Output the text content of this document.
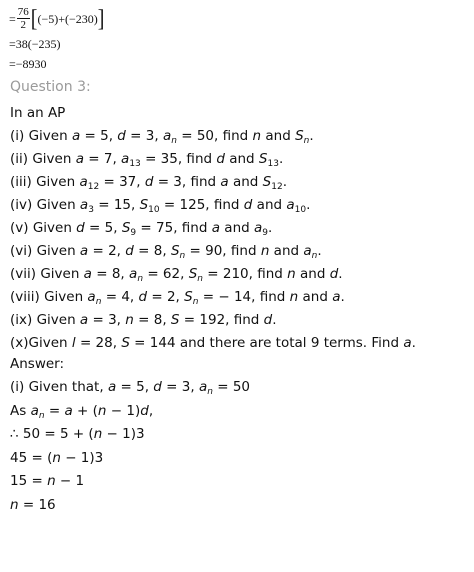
= $\frac{76}{2}$ [ (−5)+(−230) ]
=38(−235)
=−8930
Question 3:
In an AP
(i) Given a = 5, d = 3, $a_n = 50$, find n and $S_n$.
(ii) Given a = 7, $a_{13} = 35$, find d and $S_{13}$.
(iii) Given $a_{12} = 37$, d = 3, find a and $S_{12}$.
(iv) Given $a_3 = 15$, $S_{10} = 125$, find d and $a_{10}$.
(v) Given d = 5, $S_9 = 75$, find a and $a_9$.
(vi) Given a = 2, d = 8, $S_n = 90$, find n and $a_n$.
(vii) Given a = 8, $a_n = 62$, $S_n = 210$, find n and d.
(viii) Given $a_n = 4$, d = 2, $S_n$ = − 14, find n and a.
(ix) Given a = 3, n = 8, S = 192, find d.
(x)Given l = 28, S = 144 and there are total 9 terms. Find a.
Answer:
(i) Given that, a = 5, d = 3, $a_n = 50$
As $a_n = a + (n - 1)d$,
∴ 50 = 5 + (n − 1)3
45 = (n − 1)3
15 = n − 1
n = 16
